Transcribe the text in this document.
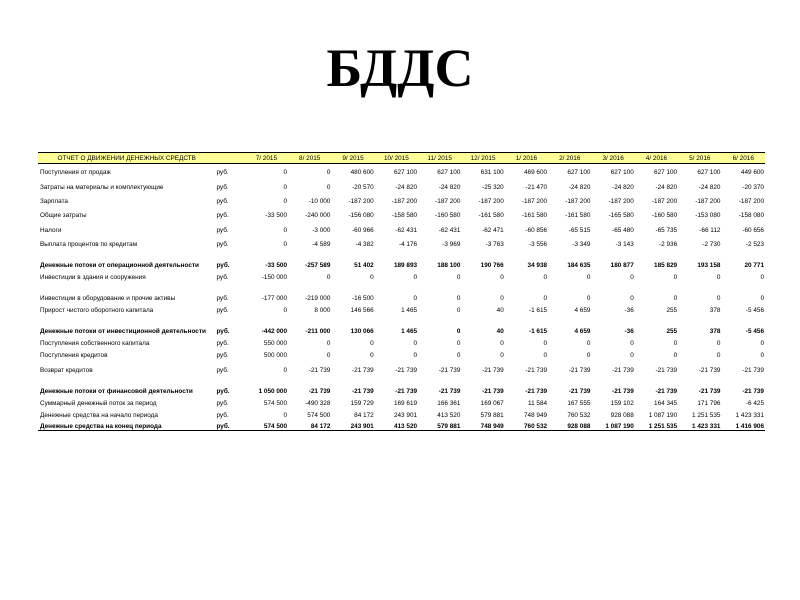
БДДС
ОТЧЕТ О ДВИЖЕНИИ ДЕНЕЖНЫХ СРЕДСТВ		7/ 2015	8/ 2015	9/ 2015	10/ 2015	11/ 2015	12/ 2015	1/ 2016	2/ 2016	3/ 2016	4/ 2016	5/ 2016	6/ 2016
Поступления от продаж	руб.	0	0	480 600	627 100	627 100	631 100	469 600	627 100	627 100	627 100	627 100	449 600
Затраты на материалы и комплектующие	руб.	0	0	-20 570	-24 820	-24 820	-25 320	-21 470	-24 820	-24 820	-24 820	-24 820	-20 370
Зарплата	руб.	0	-10 000	-187 200	-187 200	-187 200	-187 200	-187 200	-187 200	-187 200	-187 200	-187 200	-187 200
Общие затраты	руб.	-33 500	-240 000	-156 080	-158 580	-160 580	-161 580	-161 580	-161 580	-165 580	-160 580	-153 080	-158 080
Налоги	руб.	0	-3 000	-60 966	-62 431	-62 431	-62 471	-60 856	-65 515	-65 480	-65 735	-66 112	-60 656
Выплата процентов по кредитам	руб.	0	-4 589	-4 382	-4 176	-3 969	-3 763	-3 556	-3 349	-3 143	-2 936	-2 730	-2 523
Денежные потоки от операционной деятельности	руб.	-33 500	-257 589	51 402	189 893	188 100	190 766	34 938	184 635	180 877	185 829	193 158	20 771
Инвестиции в здания и сооружения	руб.	-150 000	0	0	0	0	0	0	0	0	0	0	0
Инвестиции в оборудование и прочие активы	руб.	-177 000	-219 000	-16 500	0	0	0	0	0	0	0	0	0
Прирост чистого оборотного капитала	руб.	0	8 000	146 566	1 465	0	40	-1 615	4 659	-36	255	378	-5 456
Денежные потоки от инвестиционной деятельности	руб.	-442 000	-211 000	130 066	1 465	0	40	-1 615	4 659	-36	255	378	-5 456
Поступления собственного капитала	руб.	550 000	0	0	0	0	0	0	0	0	0	0	0
Поступления кредитов	руб.	500 000	0	0	0	0	0	0	0	0	0	0	0
Возврат кредитов	руб.	0	-21 739	-21 739	-21 739	-21 739	-21 739	-21 739	-21 739	-21 739	-21 739	-21 739	-21 739
Денежные потоки от финансовой деятельности	руб.	1 050 000	-21 739	-21 739	-21 739	-21 739	-21 739	-21 739	-21 739	-21 739	-21 739	-21 739	-21 739
Суммарный денежный поток за период	руб.	574 500	-490 328	159 729	169 619	166 361	169 067	11 584	167 555	159 102	164 345	171 796	-6 425
Денежные средства на начало периода	руб.	0	574 500	84 172	243 901	413 520	579 881	748 949	760 532	928 088	1 087 190	1 251 535	1 423 331
Денежные средства на конец периода	руб.	574 500	84 172	243 901	413 520	579 881	748 949	760 532	928 088	1 087 190	1 251 535	1 423 331	1 416 906
